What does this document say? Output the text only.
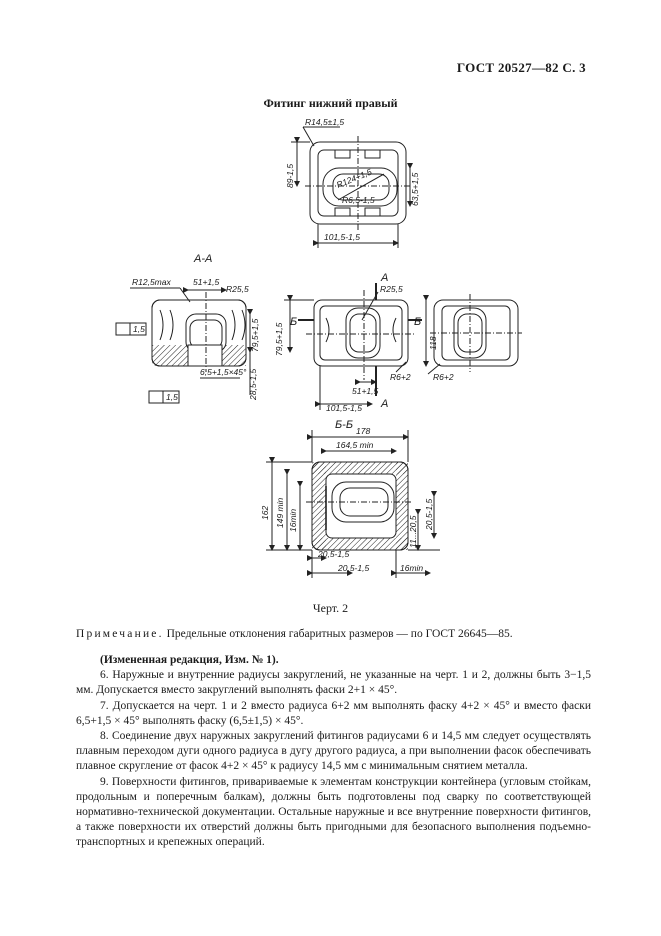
ГОСТ 20527—82 С. 3
Фитинг нижний правый
R14,5±1,5
89-1,5	R124+1,5
R6,5-1,5	63,5+1,5
101,5-1,5
R12,5max	51+1,5
R25,5
1,5	79,5+1,5
6,5+1,5×45° 28,5-1,5
1,5
R25,5
79,5+1,5	118
R6+2	R6+2
51+1,5
101,5-1,5
178
164,5 min
162 149 min 16min	11...20,5
20,5-1,5
20,5-1,5
20,5-1,5	16min
А-А
Б-Б
А
А
Б	Б
Черт. 2
Примечание. Предельные отклонения габаритных размеров — по ГОСТ 26645—85.

(Измененная редакция, Изм. № 1).

6. Наружные и внутренние радиусы закруглений, не указанные на черт. 1 и 2, должны быть 3−1,5 мм. Допускается вместо закруглений выполнять фаски 2+1 × 45°.

7. Допускается на черт. 1 и 2 вместо радиуса 6+2 мм выполнять фаску 4+2 × 45° и вместо фаски 6,5+1,5 × 45° выполнять фаску (6,5±1,5) × 45°.

8. Соединение двух наружных закруглений фитингов радиусами 6 и 14,5 мм следует осуществлять плавным переходом дуги одного радиуса в дугу другого радиуса, а при выполнении фасок обеспечивать плавное скругление от фасок 4+2 × 45° к радиусу 14,5 мм с минимальным снятием металла.

9. Поверхности фитингов, привариваемые к элементам конструкции контейнера (угловым стойкам, продольным и поперечным балкам), должны быть подготовлены под сварку по соответствующей нормативно-технической документации. Остальные наружные и все внутренние поверхности фитингов, а также поверхности их отверстий должны быть пригодными для безопасного выполнения подъемно-транспортных и крепежных операций.
